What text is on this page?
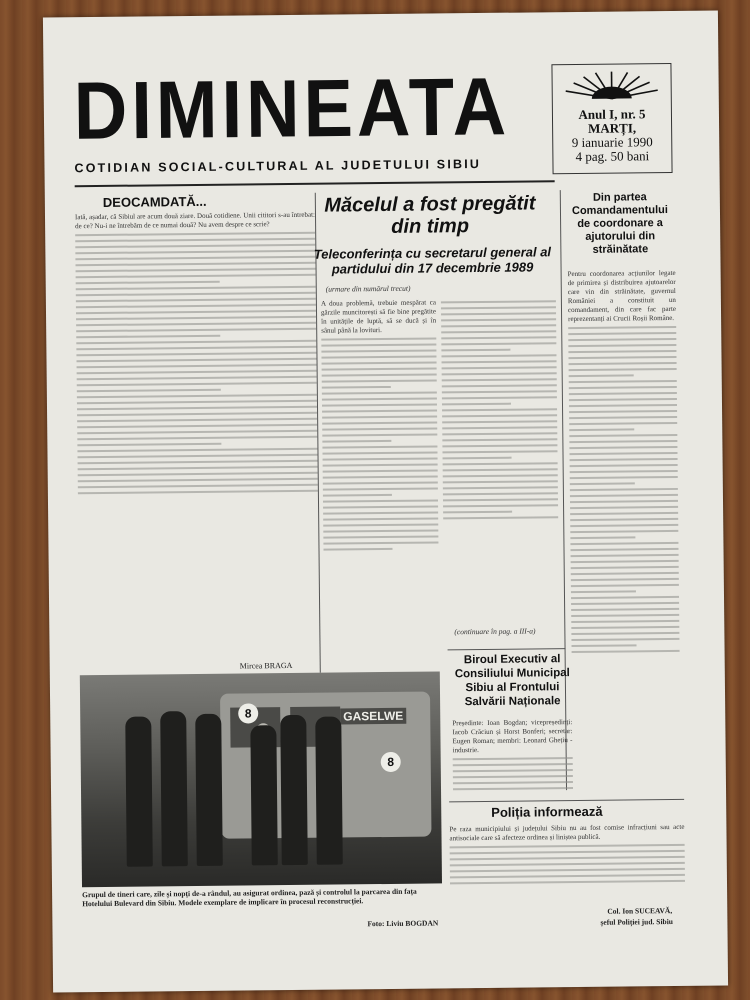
DIMINEATA
COTIDIAN SOCIAL-CULTURAL AL JUDETULUI SIBIU
Anul I, nr. 5
MARȚI,
9 ianuarie 1990
4 pag. 50 bani
DEOCAMDATĂ...

Iată, așadar, că Sibiul are acum două ziare. Două cotidiene. Unii cititori s-au întrebat: de ce? Nu-i ne întrebăm de ce numai două? Nu avem despre ce scrie?

Mircea BRAGA
Măcelul a fost pregătit din timp
Teleconferința cu secretarul general al partidului din 17 decembrie 1989
(urmare din numărul trecut)

A doua problemă, trebuie mespărat ca gărzile muncitorești să fie bine pregătite în unitățile de luptă, să se ducă și în sânul până la lovituri.

(continuare în pag. a III-a)
Din partea Comandamentului de coordonare a ajutorului din străinătate

Pentru coordonarea acțiunilor legate de primirea și distribuirea ajutoarelor care vin din străinătate, guvernul României a constituit un comandament, din care fac parte reprezentanți ai Crucii Roșii Române.

8
8
GASELWE
Grupul de tineri care, zile și nopți de-a rândul, au asigurat ordinea, pază și controlul la parcarea din fața Hotelului Bulevard din Sibiu. Modele exemplare de implicare în procesul reconstrucției.
Foto: Liviu BOGDAN
Biroul Executiv al Consiliului Municipal Sibiu al Frontului Salvării Naționale

Președinte: Ioan Bogdan; vicepreședinți: Iacob Crăciun și Horst Bonferi; secretar: Eugen Roman; membri: Leonard Ghețiu - industrie.

Poliția informează

Pe raza municipiului și județului Sibiu nu au fost comise infracțiuni sau acte antisociale care să afecteze ordinea și liniștea publică.

Col. Ion SUCEAVĂ,
șeful Poliției jud. Sibiu
